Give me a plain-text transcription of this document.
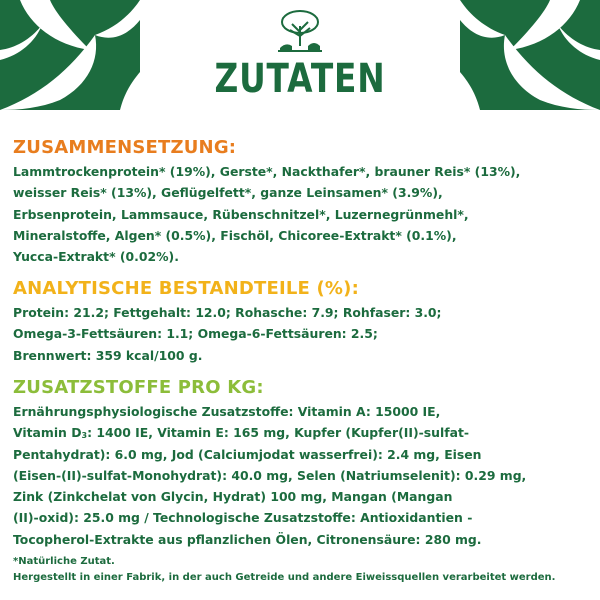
ZUTATEN
ZUSAMMENSETZUNG:

Lammtrockenprotein* (19%), Gerste*, Nackthafer*, brauner Reis* (13%),

weisser Reis* (13%), Geflügelfett*, ganze Leinsamen* (3.9%),

Erbsenprotein, Lammsauce, Rübenschnitzel*, Luzernegrünmehl*,

Mineralstoffe, Algen* (0.5%), Fischöl, Chicoree-Extrakt* (0.1%),

Yucca-Extrakt* (0.02%).

ANALYTISCHE BESTANDTEILE (%):

Protein: 21.2; Fettgehalt: 12.0; Rohasche: 7.9; Rohfaser: 3.0;

Omega-3-Fettsäuren: 1.1; Omega-6-Fettsäuren: 2.5;

Brennwert: 359 kcal/100 g.

ZUSATZSTOFFE PRO KG:

Ernährungsphysiologische Zusatzstoffe: Vitamin A: 15000 IE,

Vitamin $D_3$: 1400 IE, Vitamin E: 165 mg, Kupfer (Kupfer(II)-sulfat-

Pentahydrat): 6.0 mg, Jod (Calciumjodat wasserfrei): 2.4 mg, Eisen

(Eisen-(II)-sulfat-Monohydrat): 40.0 mg, Selen (Natriumselenit): 0.29 mg,

Zink (Zinkchelat von Glycin, Hydrat) 100 mg, Mangan (Mangan

(II)-oxid): 25.0 mg / Technologische Zusatzstoffe: Antioxidantien -

Tocopherol-Extrakte aus pflanzlichen Ölen, Citronensäure: 280 mg.

*Natürliche Zutat.
Hergestellt in einer Fabrik, in der auch Getreide und andere Eiweissquellen verarbeitet werden.
